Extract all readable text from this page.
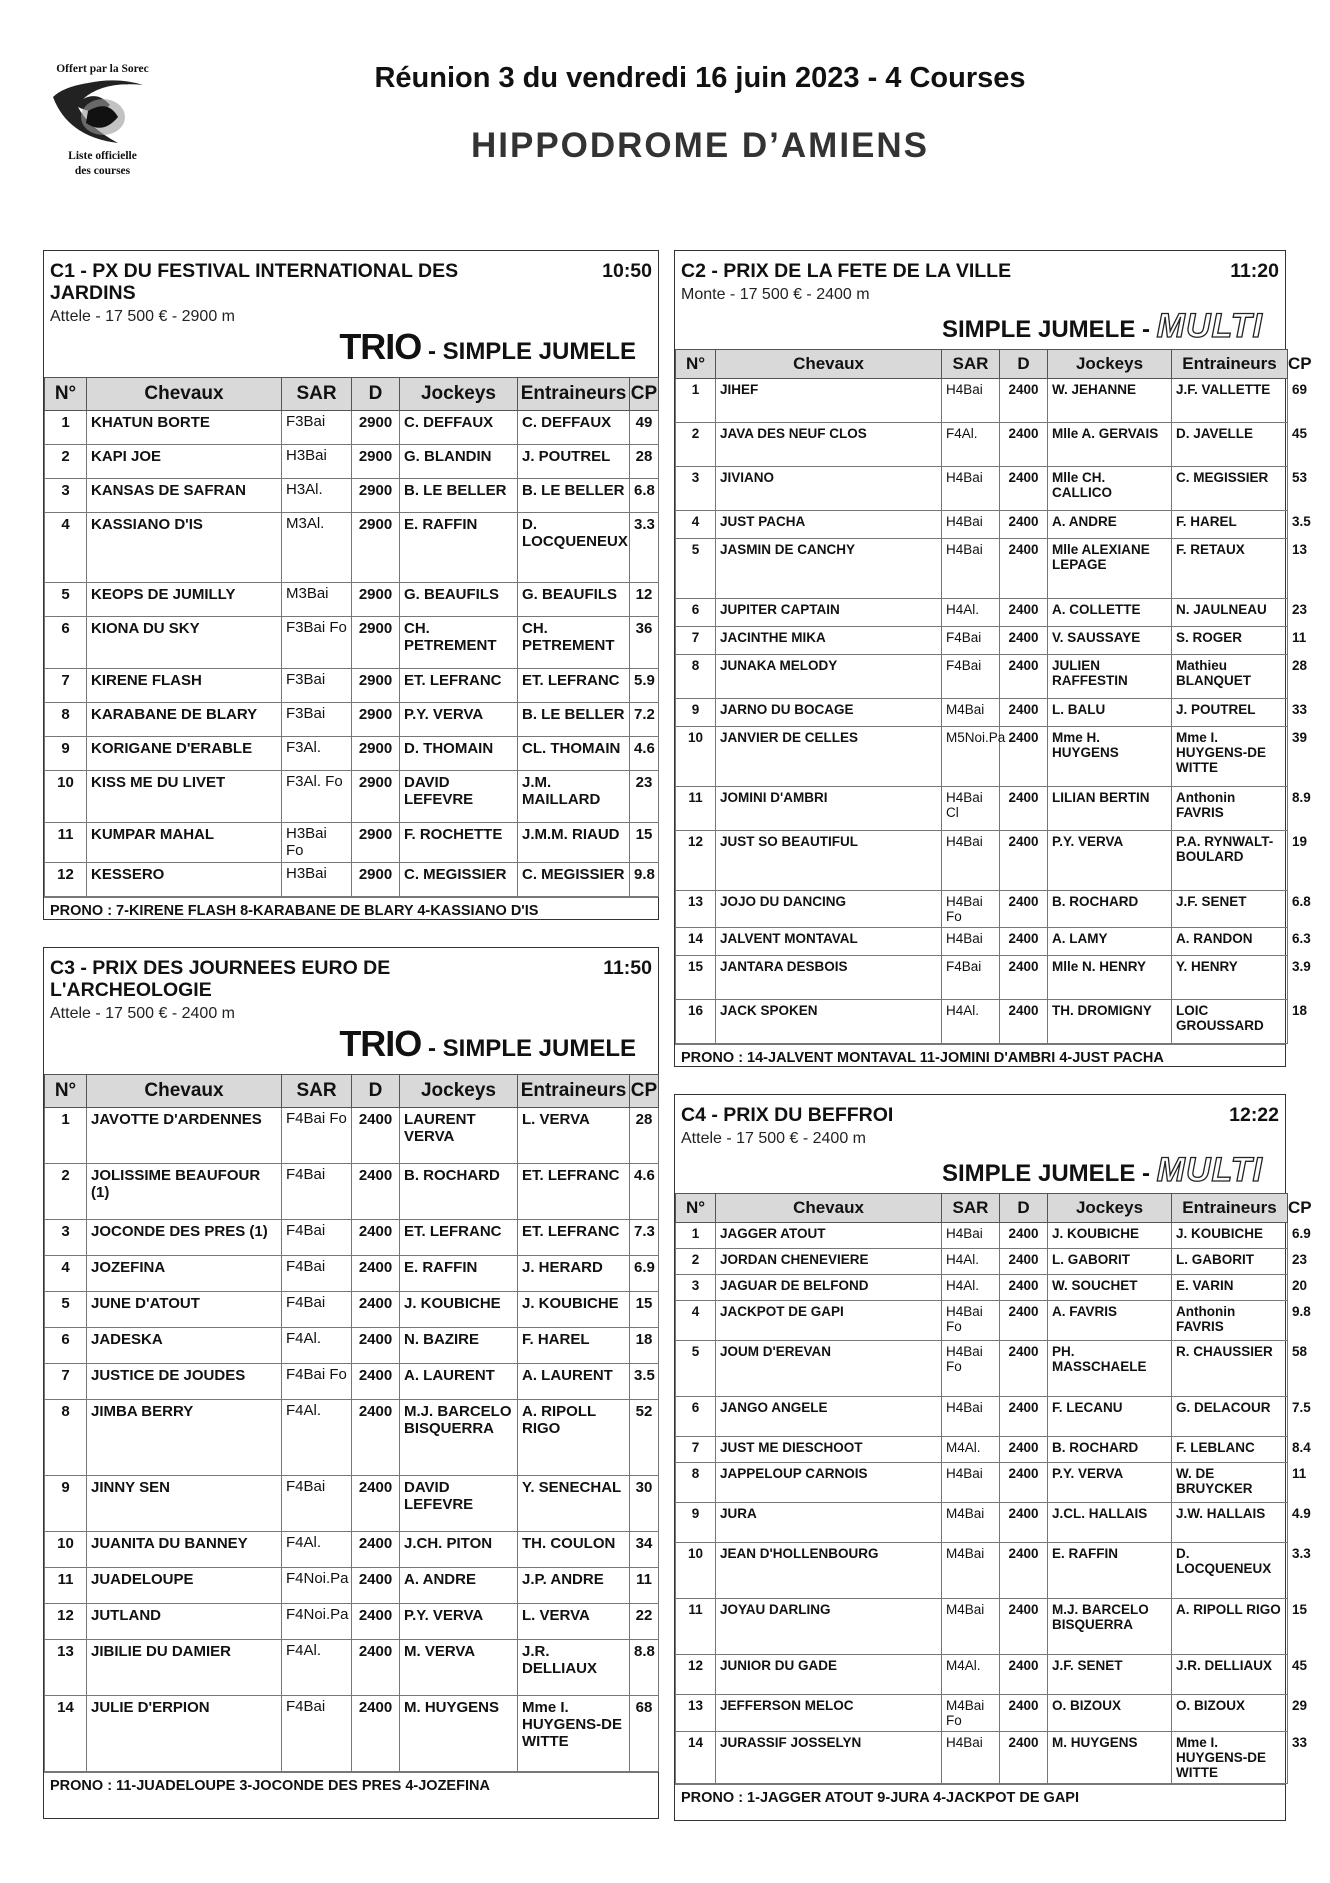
Offert par la Sorec
Liste officielle
des courses
Réunion 3 du vendredi 16 juin 2023 - 4 Courses
HIPPODROME D’AMIENS
C1 - PX DU FESTIVAL INTERNATIONAL DES JARDINS
10:50
Attele - 17 500 € - 2900 m
TRIO - SIMPLE JUMELE
N°	Chevaux	SAR	D	Jockeys	Entraineurs	CP
1	KHATUN BORTE	F3Bai	2900	C. DEFFAUX	C. DEFFAUX	49
2	KAPI JOE	H3Bai	2900	G. BLANDIN	J. POUTREL	28
3	KANSAS DE SAFRAN	H3Al.	2900	B. LE BELLER	B. LE BELLER	6.8
4	KASSIANO D'IS	M3Al.	2900	E. RAFFIN	D. LOCQUENEUX	3.3
5	KEOPS DE JUMILLY	M3Bai	2900	G. BEAUFILS	G. BEAUFILS	12
6	KIONA DU SKY	F3Bai Fo	2900	CH. PETREMENT	CH. PETREMENT	36
7	KIRENE FLASH	F3Bai	2900	ET. LEFRANC	ET. LEFRANC	5.9
8	KARABANE DE BLARY	F3Bai	2900	P.Y. VERVA	B. LE BELLER	7.2
9	KORIGANE D'ERABLE	F3Al.	2900	D. THOMAIN	CL. THOMAIN	4.6
10	KISS ME DU LIVET	F3Al. Fo	2900	DAVID LEFEVRE	J.M. MAILLARD	23
11	KUMPAR MAHAL	H3Bai Fo	2900	F. ROCHETTE	J.M.M. RIAUD	15
12	KESSERO	H3Bai	2900	C. MEGISSIER	C. MEGISSIER	9.8
PRONO : 7-KIRENE FLASH 8-KARABANE DE BLARY 4-KASSIANO D'IS
C2 - PRIX DE LA FETE DE LA VILLE	11:20
Monte - 17 500 € - 2400 m
SIMPLE JUMELE - MULTI
N°	Chevaux	SAR	D	Jockeys	Entraineurs	CP
1	JIHEF	H4Bai	2400	W. JEHANNE	J.F. VALLETTE	69
2	JAVA DES NEUF CLOS	F4Al.	2400	Mlle A. GERVAIS	D. JAVELLE	45
3	JIVIANO	H4Bai	2400	Mlle CH. CALLICO	C. MEGISSIER	53
4	JUST PACHA	H4Bai	2400	A. ANDRE	F. HAREL	3.5
5	JASMIN DE CANCHY	H4Bai	2400	Mlle ALEXIANE LEPAGE	F. RETAUX	13
6	JUPITER CAPTAIN	H4Al.	2400	A. COLLETTE	N. JAULNEAU	23
7	JACINTHE MIKA	F4Bai	2400	V. SAUSSAYE	S. ROGER	11
8	JUNAKA MELODY	F4Bai	2400	JULIEN RAFFESTIN	Mathieu BLANQUET	28
9	JARNO DU BOCAGE	M4Bai	2400	L. BALU	J. POUTREL	33
10	JANVIER DE CELLES	M5Noi.Pa	2400	Mme H. HUYGENS	Mme I. HUYGENS-DE WITTE	39
11	JOMINI D'AMBRI	H4Bai Cl	2400	LILIAN BERTIN	Anthonin FAVRIS	8.9
12	JUST SO BEAUTIFUL	H4Bai	2400	P.Y. VERVA	P.A. RYNWALT-BOULARD	19
13	JOJO DU DANCING	H4Bai Fo	2400	B. ROCHARD	J.F. SENET	6.8
14	JALVENT MONTAVAL	H4Bai	2400	A. LAMY	A. RANDON	6.3
15	JANTARA DESBOIS	F4Bai	2400	Mlle N. HENRY	Y. HENRY	3.9
16	JACK SPOKEN	H4Al.	2400	TH. DROMIGNY	LOIC GROUSSARD	18
PRONO : 14-JALVENT MONTAVAL 11-JOMINI D'AMBRI 4-JUST PACHA
C3 - PRIX DES JOURNEES EURO DE L'ARCHEOLOGIE
11:50
Attele - 17 500 € - 2400 m
TRIO - SIMPLE JUMELE
N°	Chevaux	SAR	D	Jockeys	Entraineurs	CP
1	JAVOTTE D'ARDENNES	F4Bai Fo	2400	LAURENT VERVA	L. VERVA	28
2	JOLISSIME BEAUFOUR (1)	F4Bai	2400	B. ROCHARD	ET. LEFRANC	4.6
3	JOCONDE DES PRES (1)	F4Bai	2400	ET. LEFRANC	ET. LEFRANC	7.3
4	JOZEFINA	F4Bai	2400	E. RAFFIN	J. HERARD	6.9
5	JUNE D'ATOUT	F4Bai	2400	J. KOUBICHE	J. KOUBICHE	15
6	JADESKA	F4Al.	2400	N. BAZIRE	F. HAREL	18
7	JUSTICE DE JOUDES	F4Bai Fo	2400	A. LAURENT	A. LAURENT	3.5
8	JIMBA BERRY	F4Al.	2400	M.J. BARCELO BISQUERRA	A. RIPOLL RIGO	52
9	JINNY SEN	F4Bai	2400	DAVID LEFEVRE	Y. SENECHAL	30
10	JUANITA DU BANNEY	F4Al.	2400	J.CH. PITON	TH. COULON	34
11	JUADELOUPE	F4Noi.Pa	2400	A. ANDRE	J.P. ANDRE	11
12	JUTLAND	F4Noi.Pa	2400	P.Y. VERVA	L. VERVA	22
13	JIBILIE DU DAMIER	F4Al.	2400	M. VERVA	J.R. DELLIAUX	8.8
14	JULIE D'ERPION	F4Bai	2400	M. HUYGENS	Mme I. HUYGENS-DE WITTE	68
PRONO : 11-JUADELOUPE 3-JOCONDE DES PRES 4-JOZEFINA
C4 - PRIX DU BEFFROI	12:22
Attele - 17 500 € - 2400 m
SIMPLE JUMELE - MULTI
N°	Chevaux	SAR	D	Jockeys	Entraineurs	CP
1	JAGGER ATOUT	H4Bai	2400	J. KOUBICHE	J. KOUBICHE	6.9
2	JORDAN CHENEVIERE	H4Al.	2400	L. GABORIT	L. GABORIT	23
3	JAGUAR DE BELFOND	H4Al.	2400	W. SOUCHET	E. VARIN	20
4	JACKPOT DE GAPI	H4Bai Fo	2400	A. FAVRIS	Anthonin FAVRIS	9.8
5	JOUM D'EREVAN	H4Bai Fo	2400	PH. MASSCHAELE	R. CHAUSSIER	58
6	JANGO ANGELE	H4Bai	2400	F. LECANU	G. DELACOUR	7.5
7	JUST ME DIESCHOOT	M4Al.	2400	B. ROCHARD	F. LEBLANC	8.4
8	JAPPELOUP CARNOIS	H4Bai	2400	P.Y. VERVA	W. DE BRUYCKER	11
9	JURA	M4Bai	2400	J.CL. HALLAIS	J.W. HALLAIS	4.9
10	JEAN D'HOLLENBOURG	M4Bai	2400	E. RAFFIN	D. LOCQUENEUX	3.3
11	JOYAU DARLING	M4Bai	2400	M.J. BARCELO BISQUERRA	A. RIPOLL RIGO	15
12	JUNIOR DU GADE	M4Al.	2400	J.F. SENET	J.R. DELLIAUX	45
13	JEFFERSON MELOC	M4Bai Fo	2400	O. BIZOUX	O. BIZOUX	29
14	JURASSIF JOSSELYN	H4Bai	2400	M. HUYGENS	Mme I. HUYGENS-DE WITTE	33
PRONO : 1-JAGGER ATOUT 9-JURA 4-JACKPOT DE GAPI
